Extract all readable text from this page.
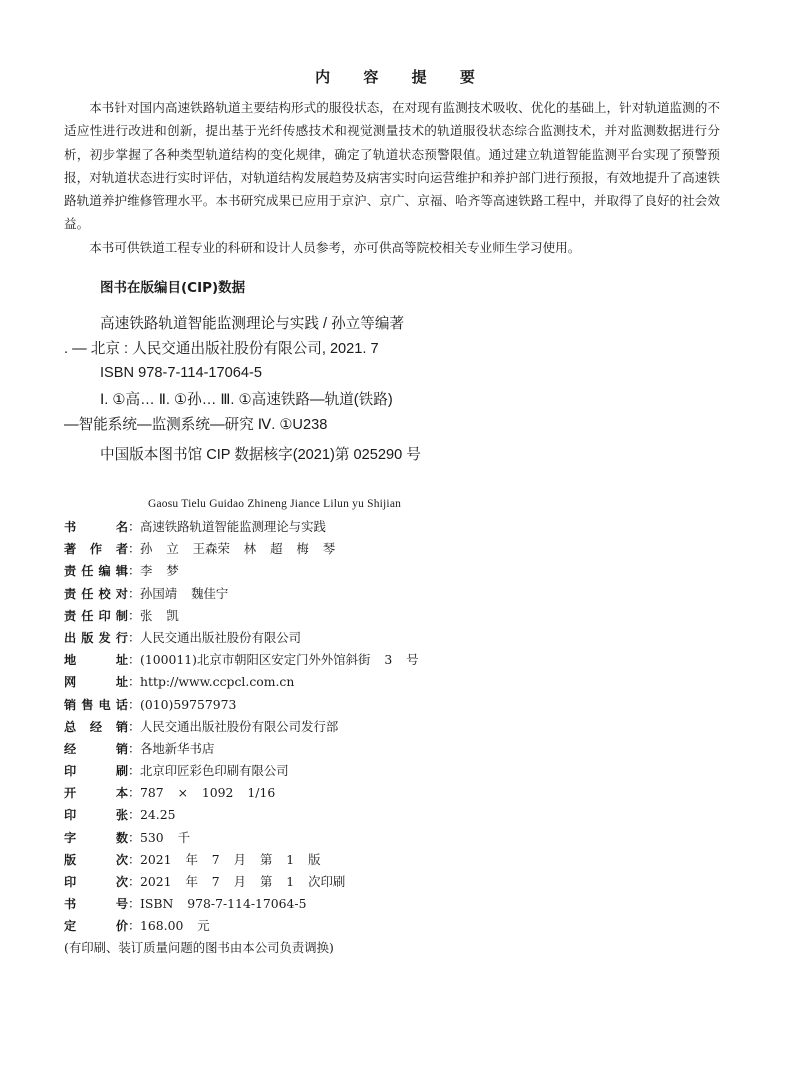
内 容 提 要

本书针对国内高速铁路轨道主要结构形式的服役状态，在对现有监测技术吸收、优化的基础上，针对轨道监测的不适应性进行改进和创新，提出基于光纤传感技术和视觉测量技术的轨道服役状态综合监测技术，并对监测数据进行分析，初步掌握了各种类型轨道结构的变化规律，确定了轨道状态预警限值。通过建立轨道智能监测平台实现了预警预报，对轨道状态进行实时评估，对轨道结构发展趋势及病害实时向运营维护和养护部门进行预报，有效地提升了高速铁路轨道养护维修管理水平。本书研究成果已应用于京沪、京广、京福、哈齐等高速铁路工程中，并取得了良好的社会效益。

本书可供铁道工程专业的科研和设计人员参考，亦可供高等院校相关专业师生学习使用。

图书在版编目(CIP)数据
高速铁路轨道智能监测理论与实践 / 孙立等编著
. — 北京 : 人民交通出版社股份有限公司, 2021. 7
ISBN 978-7-114-17064-5
Ⅰ. ①高… Ⅱ. ①孙… Ⅲ. ①高速铁路—轨道(铁路)
—智能系统—监测系统—研究 Ⅳ. ①U238
中国版本图书馆 CIP 数据核字(2021)第 025290 号
Gaosu Tielu Guidao Zhineng Jiance Lilun yu Shijian
书	名 ： 高速铁路轨道智能监测理论与实践
著 作 者 ： 孙 立 王森荣 林 超 梅 琴
责 任 编 辑 ： 李 梦
责 任 校 对 ： 孙国靖 魏佳宁
责 任 印 制 ： 张 凯
出 版 发 行 ： 人民交通出版社股份有限公司
地	址 ： (100011)北京市朝阳区安定门外外馆斜街 3 号
网	址 ： http://www.ccpcl.com.cn
销 售 电 话 ： (010)59757973
总 经 销 ： 人民交通出版社股份有限公司发行部
经	销 ： 各地新华书店
印	刷 ： 北京印匠彩色印刷有限公司
开	本 ： 787 × 1092 1/16
印	张 ： 24.25
字	数 ： 530 千
版	次 ： 2021 年 7 月 第 1 版
印	次 ： 2021 年 7 月 第 1 次印刷
书	号 ： ISBN 978-7-114-17064-5
定	价 ： 168.00 元
(有印刷、装订质量问题的图书由本公司负责调换)
